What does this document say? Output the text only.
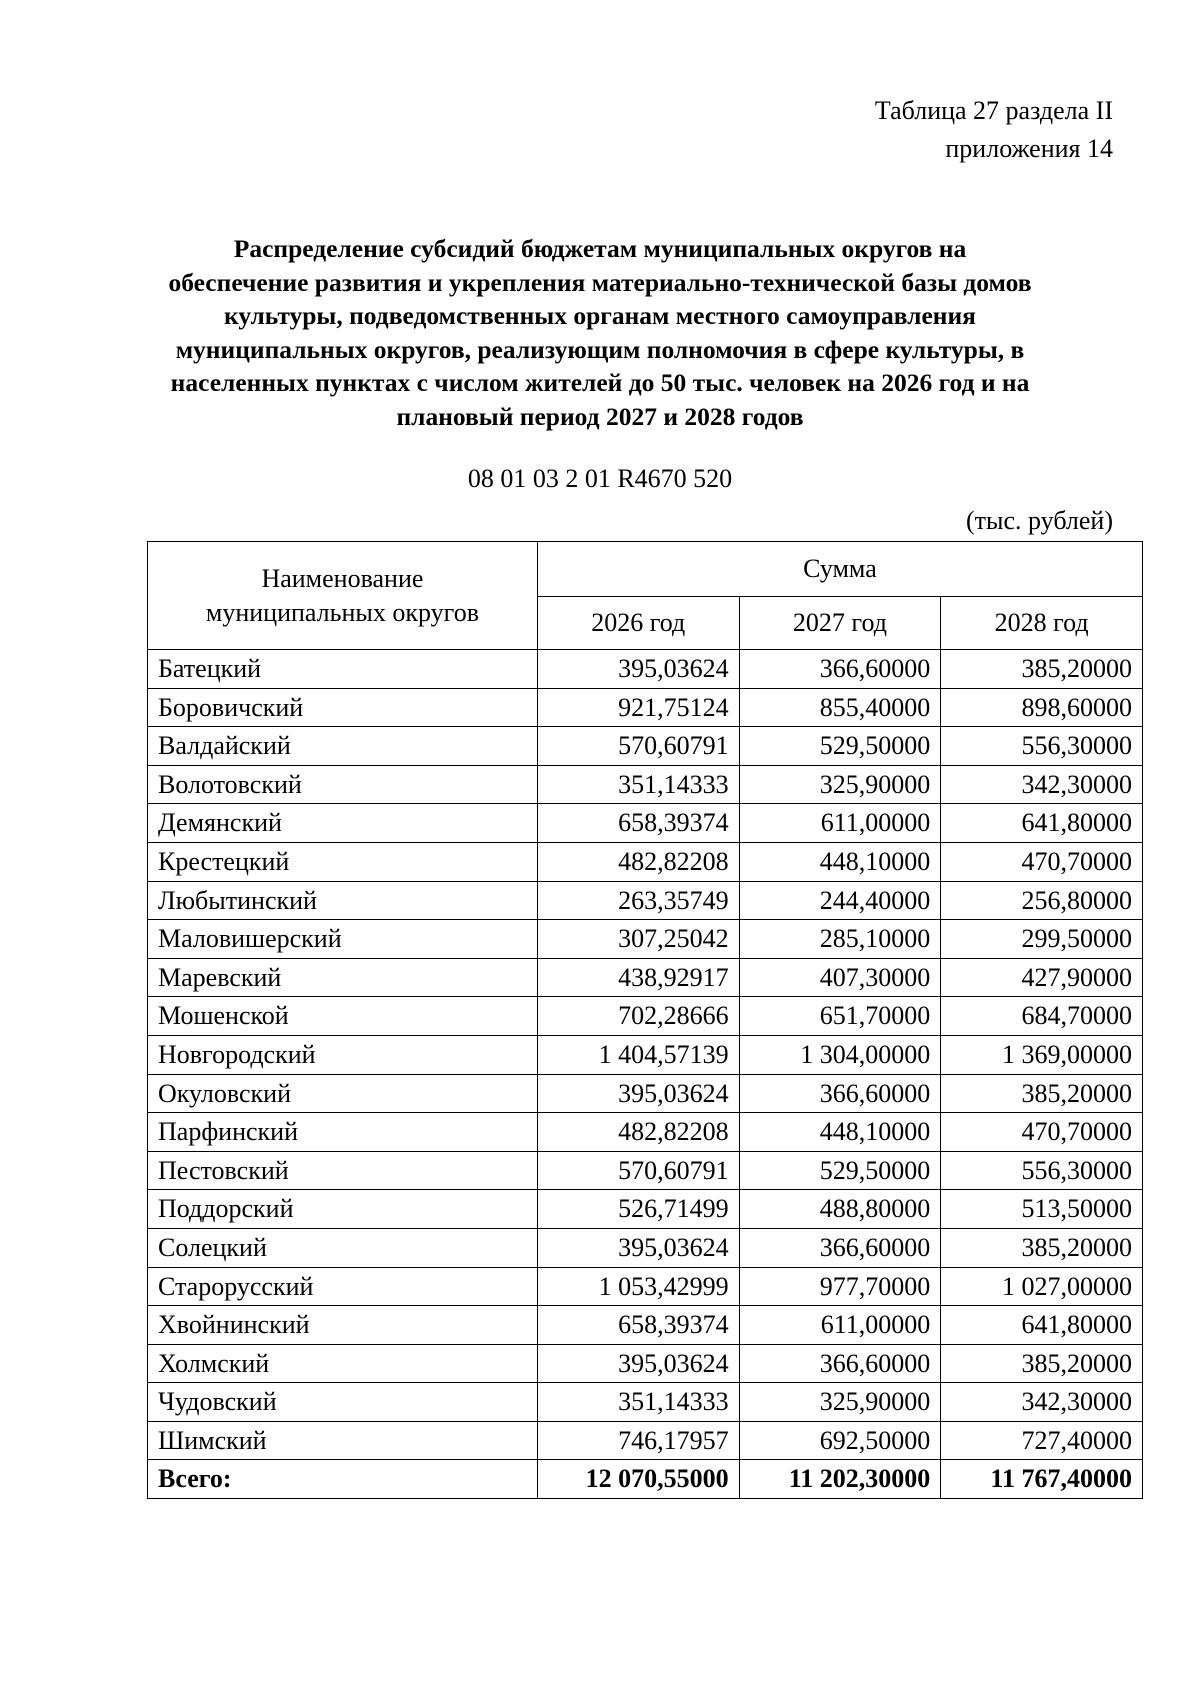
Таблица 27 раздела II
приложения 14
Распределение субсидий бюджетам муниципальных округов на
обеспечение развития и укрепления материально-технической базы домов
культуры, подведомственных органам местного самоуправления
муниципальных округов, реализующим полномочия в сфере культуры, в
населенных пунктах с числом жителей до 50 тыс. человек на 2026 год и на
плановый период 2027 и 2028 годов
08 01 03 2 01 R4670 520
(тыс. рублей)
Наименование
муниципальных округов	Сумма		
	2026 год	2027 год	2028 год
Батецкий	395,03624	366,60000	385,20000
Боровичский	921,75124	855,40000	898,60000
Валдайский	570,60791	529,50000	556,30000
Волотовский	351,14333	325,90000	342,30000
Демянский	658,39374	611,00000	641,80000
Крестецкий	482,82208	448,10000	470,70000
Любытинский	263,35749	244,40000	256,80000
Маловишерский	307,25042	285,10000	299,50000
Маревский	438,92917	407,30000	427,90000
Мошенской	702,28666	651,70000	684,70000
Новгородский	1 404,57139	1 304,00000	1 369,00000
Окуловский	395,03624	366,60000	385,20000
Парфинский	482,82208	448,10000	470,70000
Пестовский	570,60791	529,50000	556,30000
Поддорский	526,71499	488,80000	513,50000
Солецкий	395,03624	366,60000	385,20000
Старорусский	1 053,42999	977,70000	1 027,00000
Хвойнинский	658,39374	611,00000	641,80000
Холмский	395,03624	366,60000	385,20000
Чудовский	351,14333	325,90000	342,30000
Шимский	746,17957	692,50000	727,40000
Всего:	12 070,55000	11 202,30000	11 767,40000
